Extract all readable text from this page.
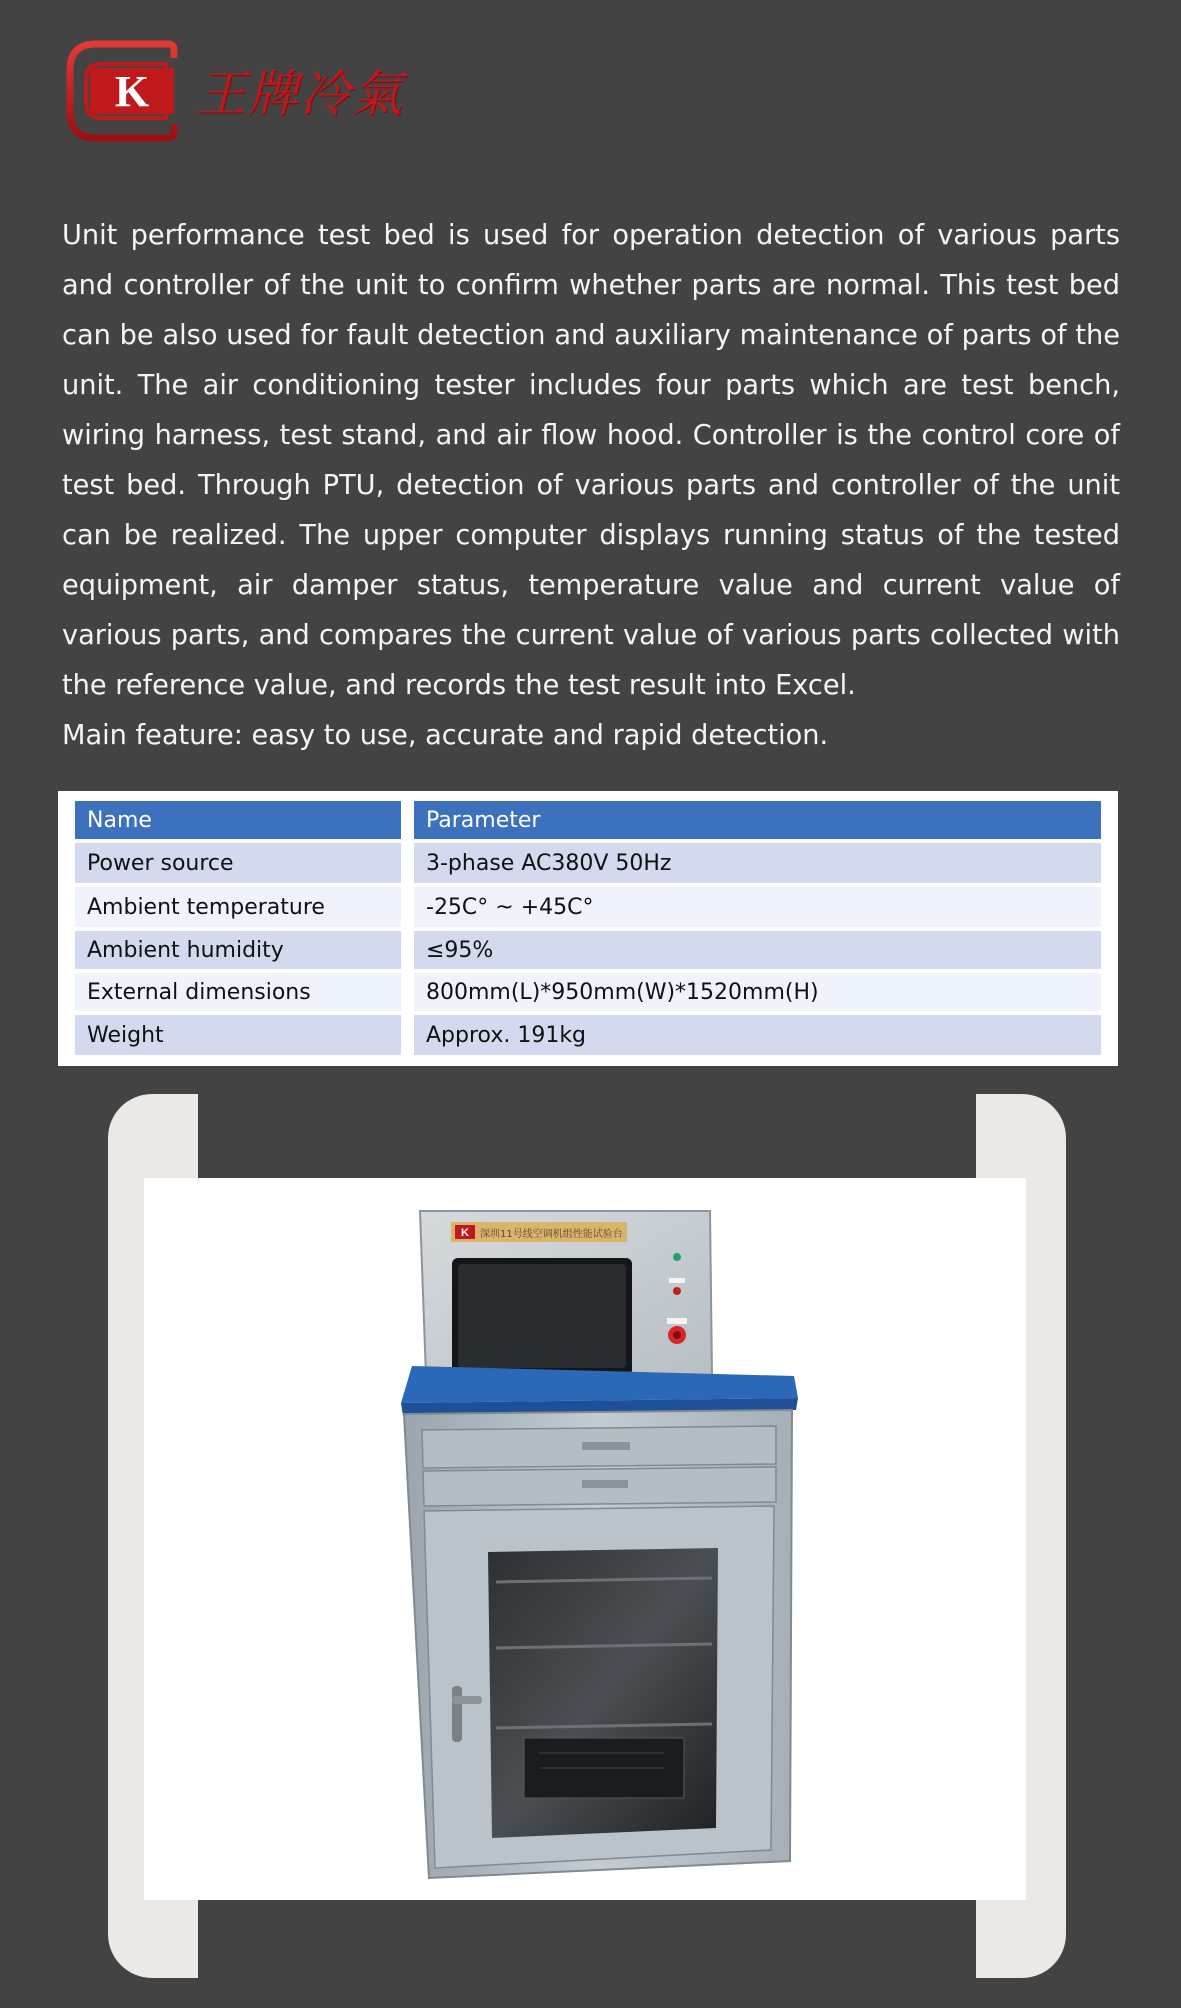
K 王牌冷氣

Unit performance test bed is used for operation detection of various parts and controller of the unit to confirm whether parts are normal. This test bed can be also used for fault detection and auxiliary maintenance of parts of the unit. The air conditioning tester includes four parts which are test bench, wiring harness, test stand, and air flow hood. Controller is the control core of test bed. Through PTU, detection of various parts and controller of the unit can be realized. The upper computer displays running status of the tested equipment, air damper status, temperature value and current value of various parts, and compares the current value of various parts collected with the reference value, and records the test result into Excel.

Main feature: easy to use, accurate and rapid detection.

Name	Parameter
Power source	3-phase AC380V 50Hz
Ambient temperature	-25C° ~ +45C°
Ambient humidity	≤95%
External dimensions	800mm(L)*950mm(W)*1520mm(H)
Weight	Approx. 191kg
K 深圳11号线空调机组性能试验台
